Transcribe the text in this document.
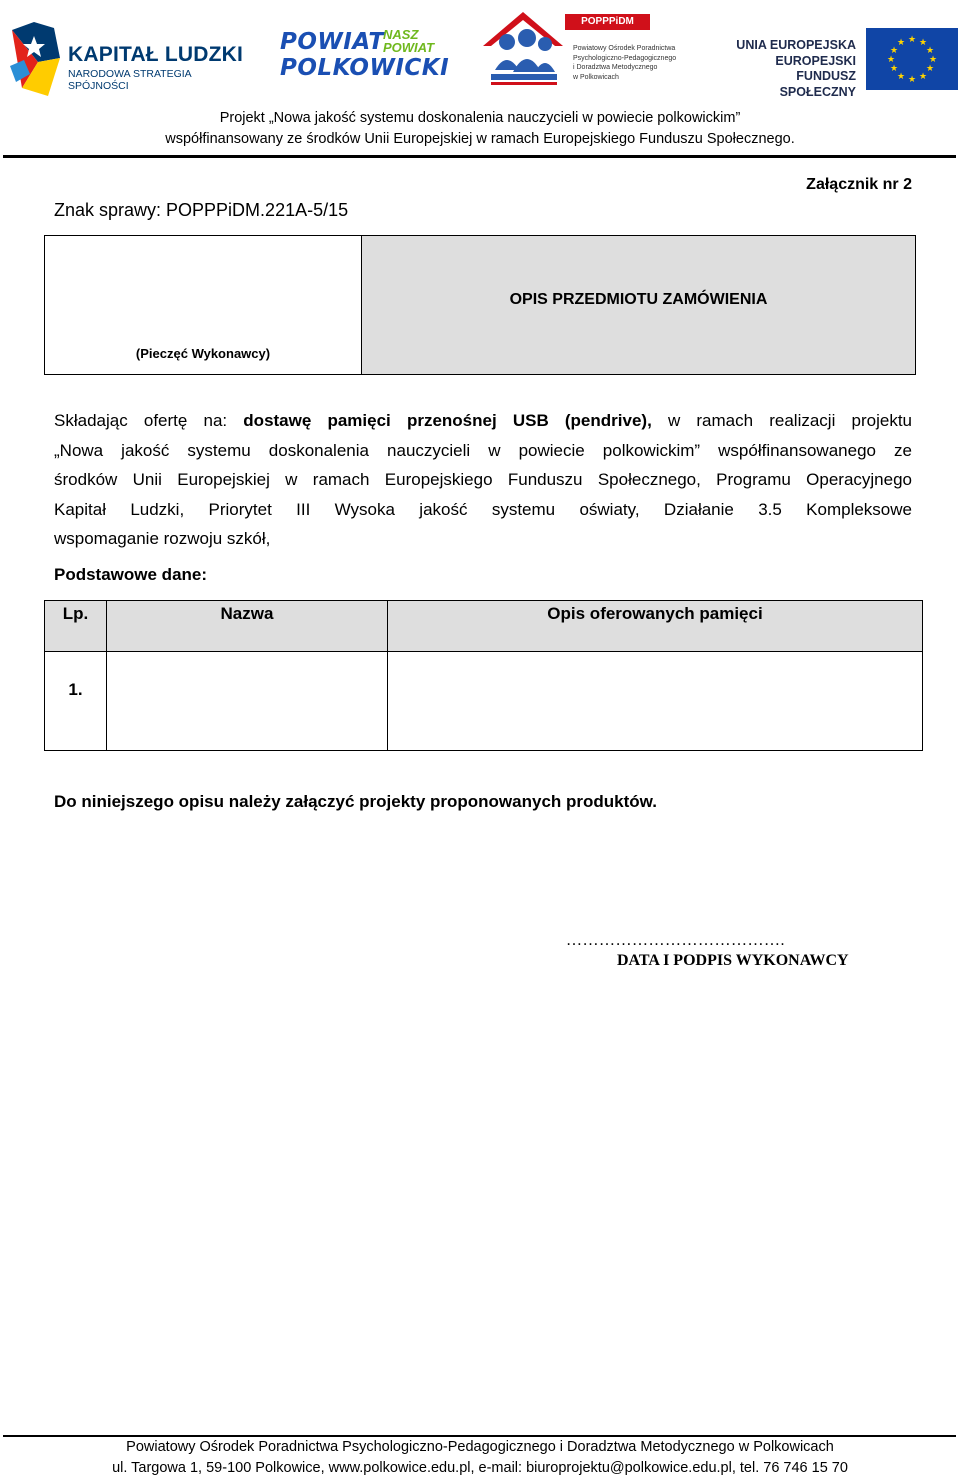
KAPITAŁ LUDZKI
NARODOWA STRATEGIA SPÓJNOŚCI
POWIAT
NASZ
POWIAT
POLKOWICKI
POPPPiDM
Powiatowy Ośrodek Poradnictwa
Psychologiczno-Pedagogicznego
i Doradztwa Metodycznego
w Polkowicach
UNIA EUROPEJSKA
EUROPEJSKI
FUNDUSZ SPOŁECZNY
★ ★
★
★
★
★
★
★
★
★
★
★
Projekt „Nowa jakość systemu doskonalenia nauczycieli w powiecie polkowickim”
współfinansowany ze środków Unii Europejskiej w ramach Europejskiego Funduszu Społecznego.
Znak sprawy: POPPPiDM.221A-5/15
Załącznik nr 2
(Pieczęć Wykonawcy)
OPIS PRZEDMIOTU ZAMÓWIENIA
Składając ofertę na: dostawę pamięci przenośnej USB (pendrive), w ramach realizacji projektu
„Nowa jakość systemu doskonalenia nauczycieli w powiecie polkowickim” współfinansowanego ze
środków Unii Europejskiej w ramach Europejskiego Funduszu Społecznego, Programu Operacyjnego
Kapitał Ludzki, Priorytet III Wysoka jakość systemu oświaty, Działanie 3.5 Kompleksowe
wspomaganie rozwoju szkół,
Podstawowe dane:
Lp.	Nazwa	Opis oferowanych pamięci
1.
Do niniejszego opisu należy załączyć projekty proponowanych produktów.
………………………………….
DATA I PODPIS WYKONAWCY
Powiatowy Ośrodek Poradnictwa Psychologiczno-Pedagogicznego i Doradztwa Metodycznego w Polkowicach
ul. Targowa 1, 59-100 Polkowice, www.polkowice.edu.pl, e-mail: biuroprojektu@polkowice.edu.pl, tel. 76 746 15 70
